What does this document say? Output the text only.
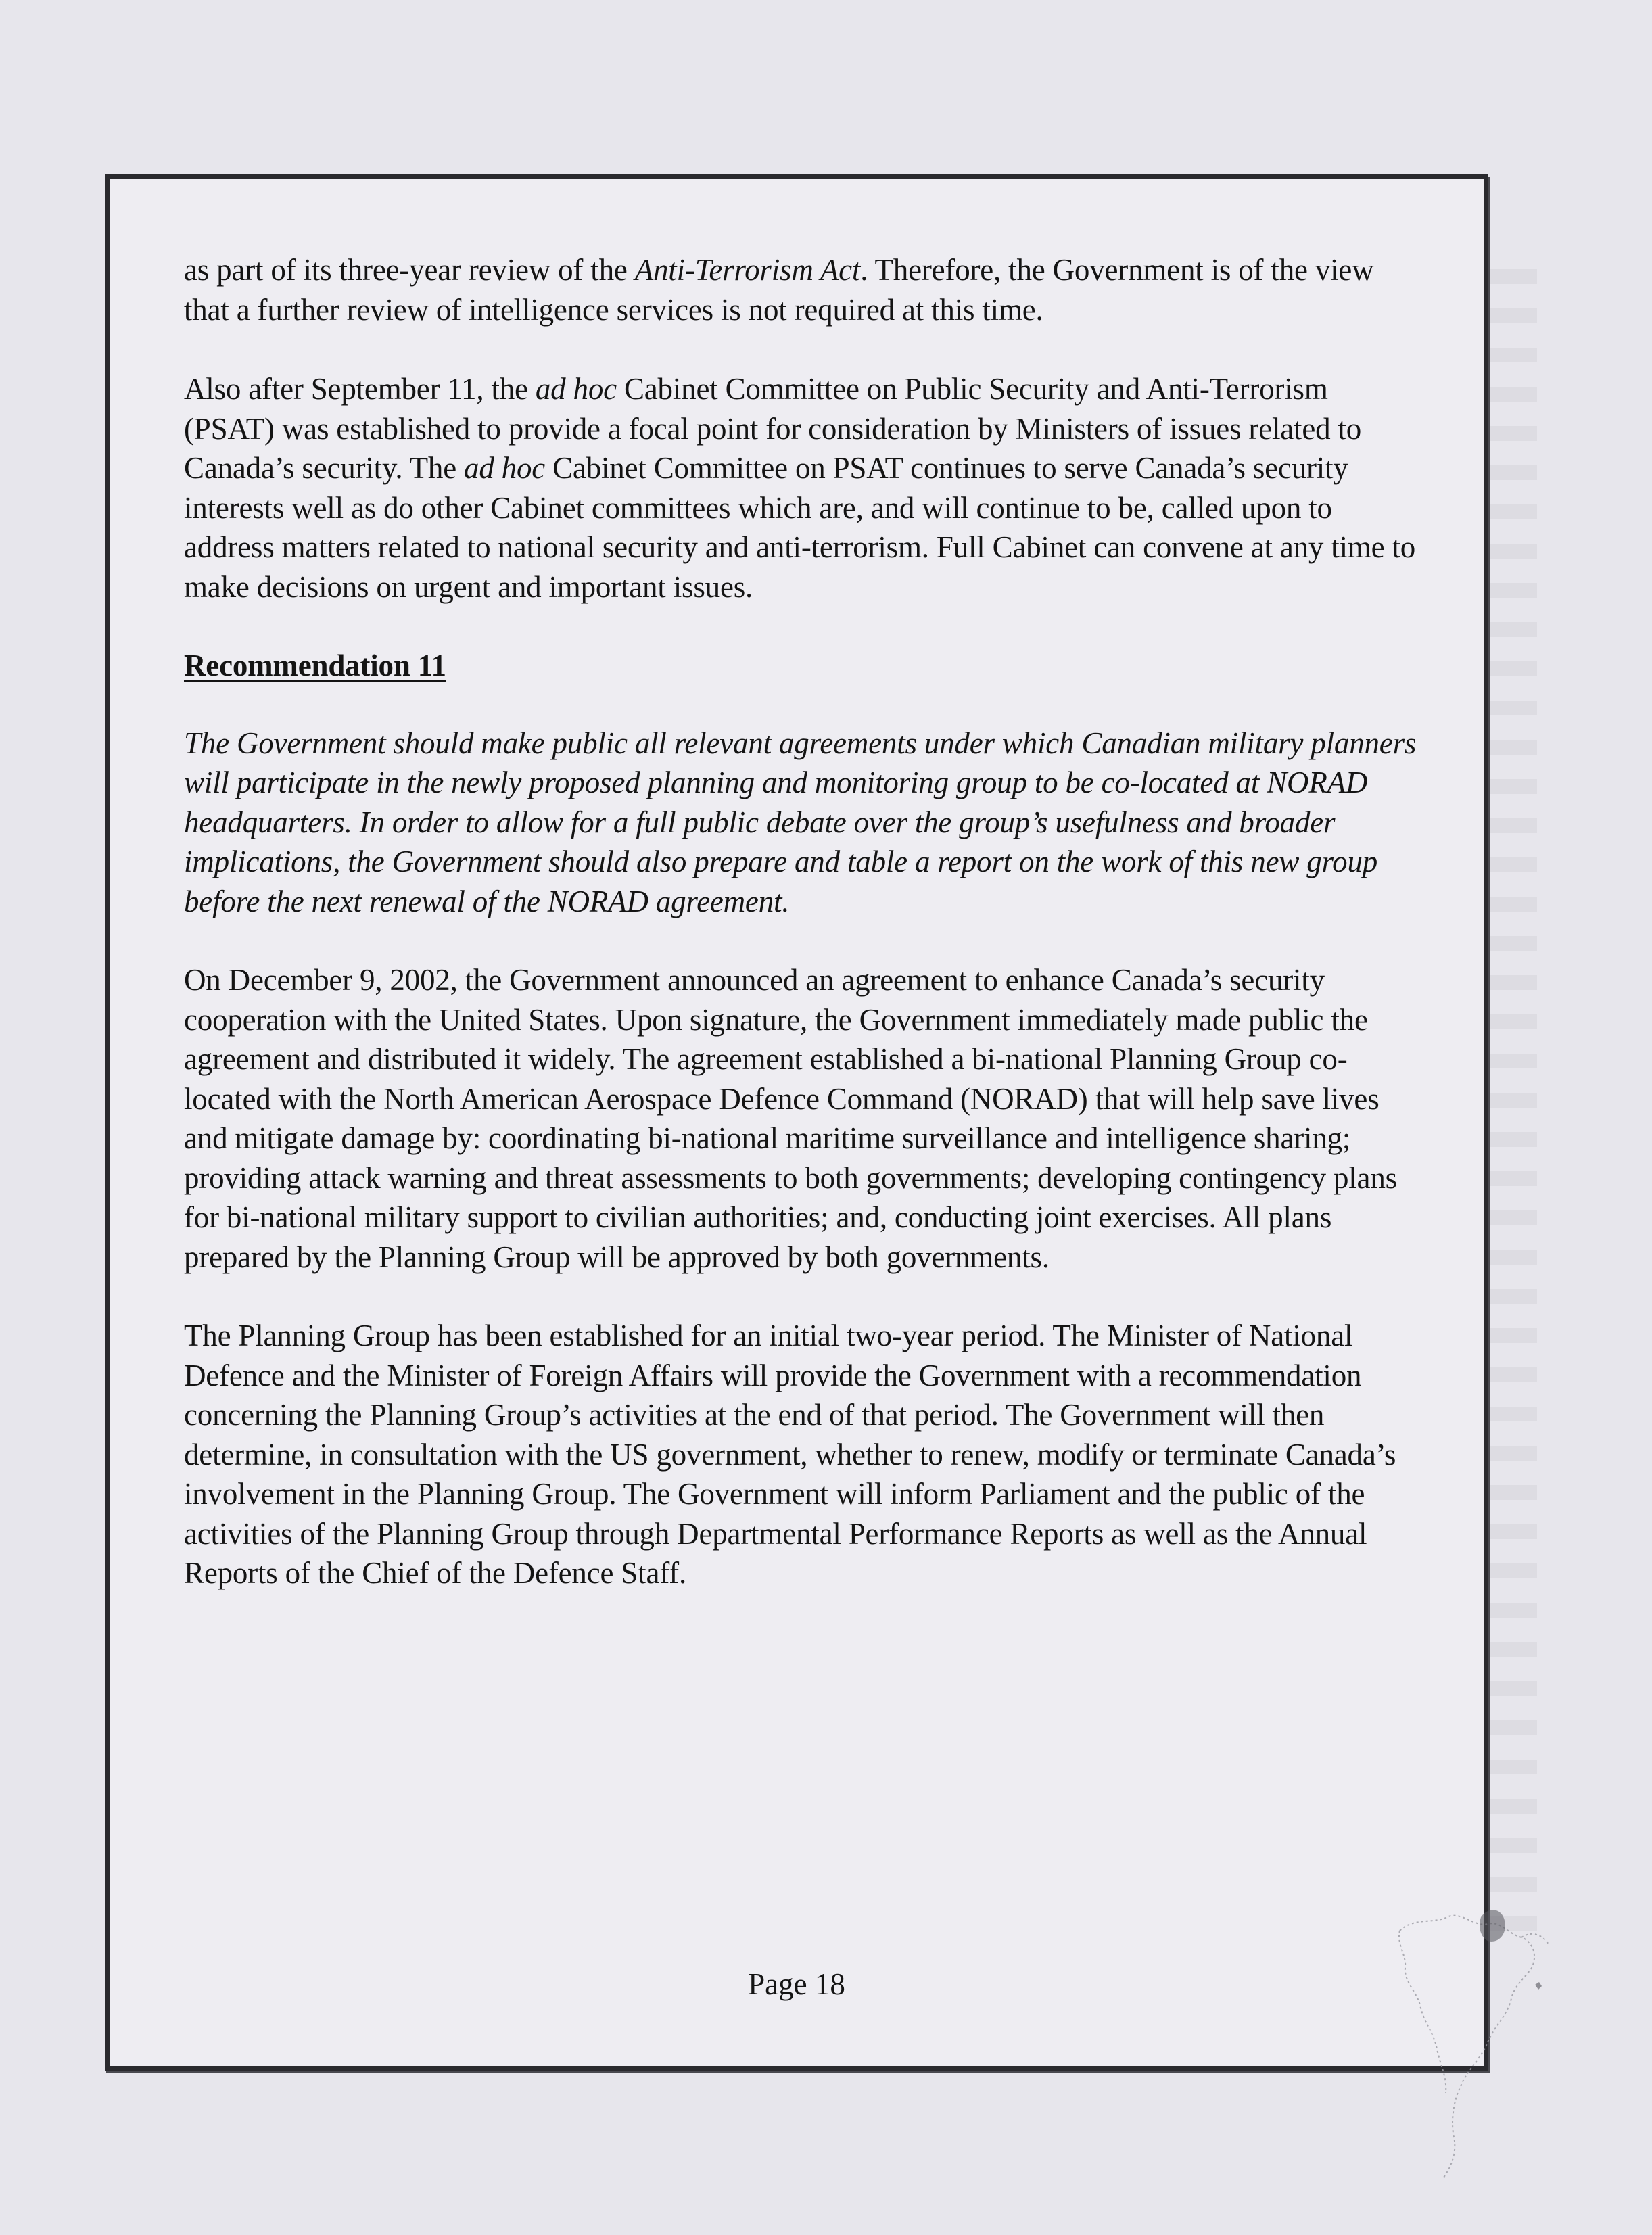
as part of its three-year review of the Anti-Terrorism Act. Therefore, the Government is of the view that a further review of intelligence services is not required at this time.

Also after September 11, the ad hoc Cabinet Committee on Public Security and Anti-Terrorism (PSAT) was established to provide a focal point for consideration by Ministers of issues related to Canada’s security. The ad hoc Cabinet Committee on PSAT continues to serve Canada’s security interests well as do other Cabinet committees which are, and will continue to be, called upon to address matters related to national security and anti-terrorism. Full Cabinet can convene at any time to make decisions on urgent and important issues.

Recommendation 11

The Government should make public all relevant agreements under which Canadian military planners will participate in the newly proposed planning and monitoring group to be co-located at NORAD headquarters. In order to allow for a full public debate over the group’s usefulness and broader implications, the Government should also prepare and table a report on the work of this new group before the next renewal of the NORAD agreement.

On December 9, 2002, the Government announced an agreement to enhance Canada’s security cooperation with the United States. Upon signature, the Government immediately made public the agreement and distributed it widely. The agreement established a bi-national Planning Group co-located with the North American Aerospace Defence Command (NORAD) that will help save lives and mitigate damage by: coordinating bi-national maritime surveillance and intelligence sharing; providing attack warning and threat assessments to both governments; developing contingency plans for bi-national military support to civilian authorities; and, conducting joint exercises. All plans prepared by the Planning Group will be approved by both governments.

The Planning Group has been established for an initial two-year period. The Minister of National Defence and the Minister of Foreign Affairs will provide the Government with a recommendation concerning the Planning Group’s activities at the end of that period. The Government will then determine, in consultation with the US government, whether to renew, modify or terminate Canada’s involvement in the Planning Group. The Government will inform Parliament and the public of the activities of the Planning Group through Departmental Performance Reports as well as the Annual Reports of the Chief of the Defence Staff.

Page 18
